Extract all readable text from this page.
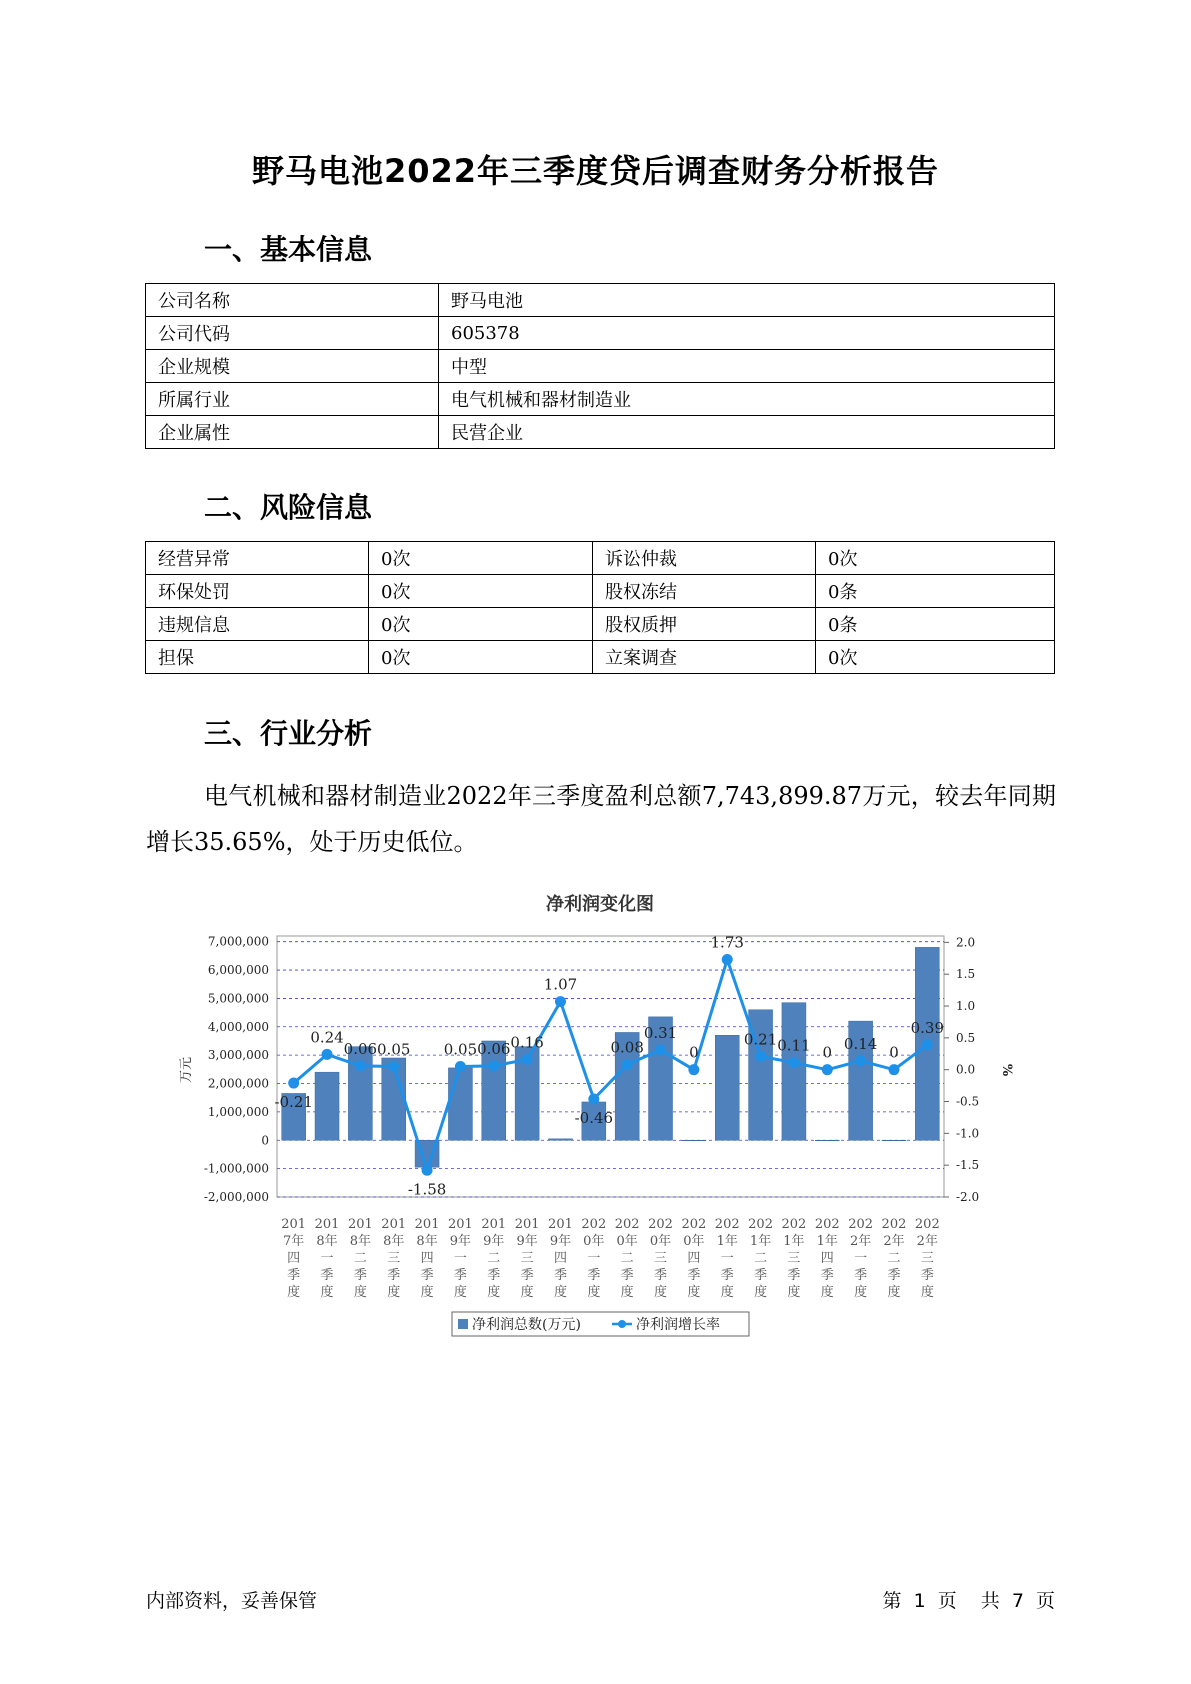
野马电池2022年三季度贷后调查财务分析报告
一、基本信息
公司名称	野马电池
公司代码	605378
企业规模	中型
所属行业	电气机械和器材制造业
企业属性	民营企业
二、风险信息
经营异常	0次	诉讼仲裁	0次
环保处罚	0次	股权冻结	0条
违规信息	0次	股权质押	0条
担保	0次	立案调查	0次
三、行业分析
电气机械和器材制造业2022年三季度盈利总额7,743,899.87万元，较去年同期增长35.65%，处于历史低位。
净利润变化图
7,000,000
6,000,000
5,000,000
4,000,000
3,000,000
2,000,000
1,000,000
0
-1,000,000
-2,000,000
2.0
1.5
1.0
0.5
0.0
-0.5
-1.0
-1.5
-2.0
万元	%
-0.21
0.24
0.06 0.05
-1.58
0.05 0.06 0.16
1.07
-0.46
0.08
0.31
0
1.73
0.21 0.11 0 0.14 0
0.39
201
7年
四
季
度
201
8年
一
季
度
201
8年
二
季
度
201
8年
三
季
度
201
8年
四
季
度
201
9年
一
季
度
201
9年
二
季
度
201
9年
三
季
度
201
9年
四
季
度
202
0年
一
季
度
202
0年
二
季
度
202
0年
三
季
度
202
0年
四
季
度
202
1年
一
季
度
202
1年
二
季
度
202
1年
三
季
度
202
1年
四
季
度
202
2年
一
季
度
202
2年
二
季
度
202
2年
三
季
度
净利润总数(万元)	净利润增长率
内部资料，妥善保管	第 1 页 共 7 页
